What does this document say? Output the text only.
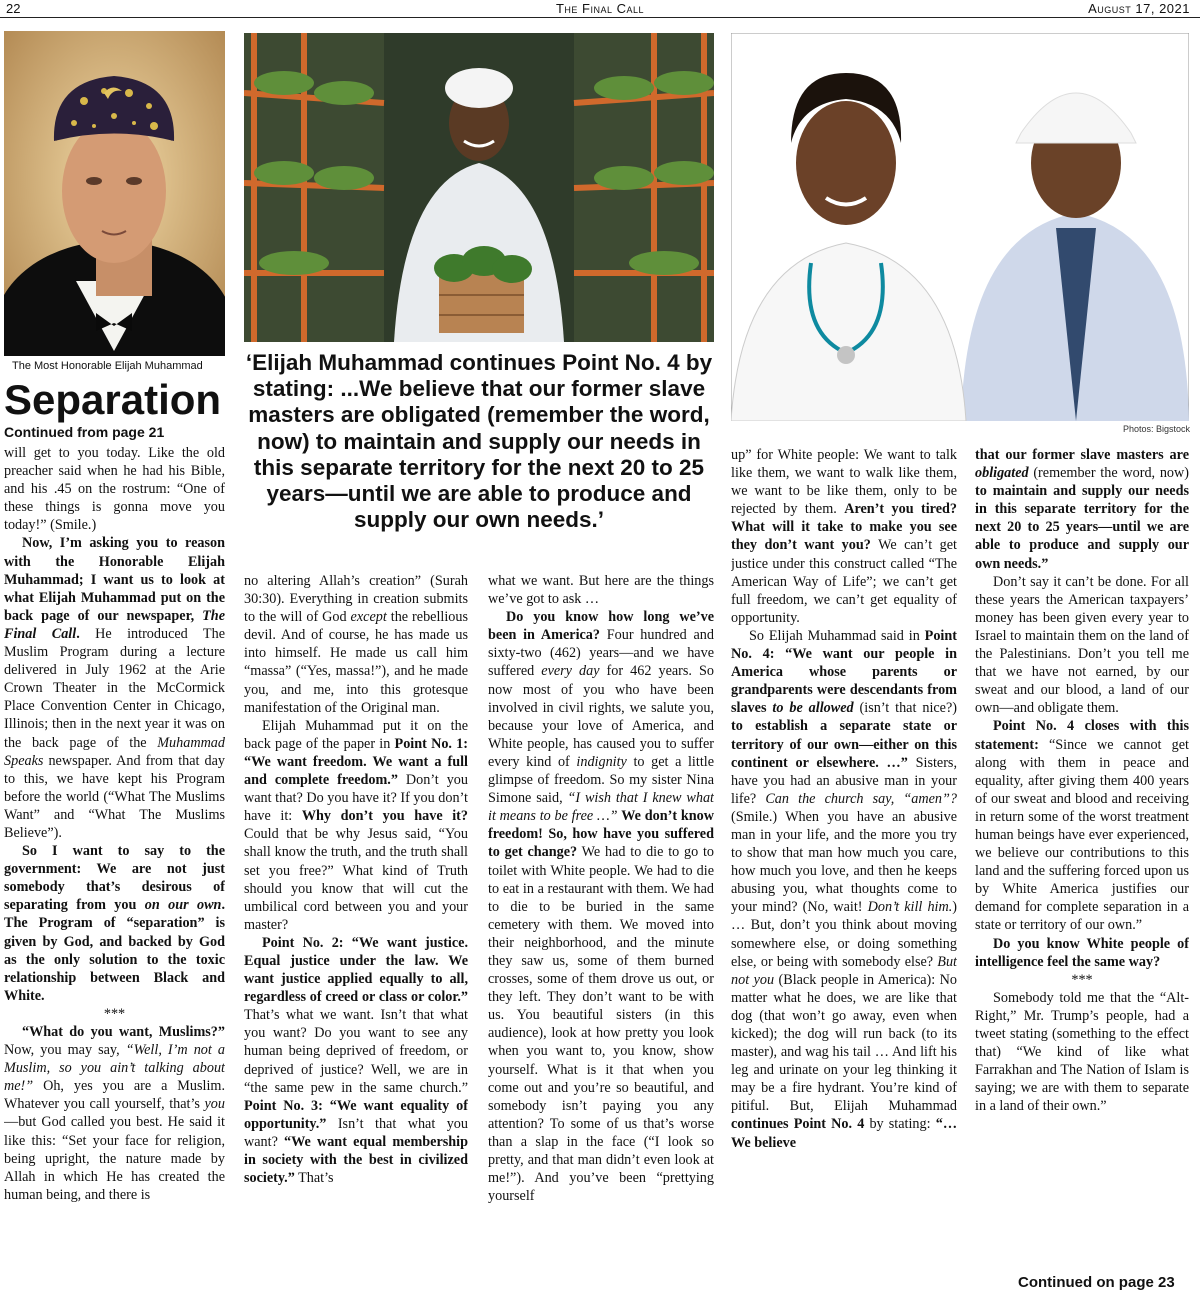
22	The Final Call	August 17, 2021
The Most Honorable Elijah Muhammad
Photos: Bigstock
Separation
Continued from page 21
‘Elijah Muhammad continues Point No. 4 by stating: ...We believe that our former slave masters are obligated (remember the word, now) to maintain and supply our needs in this separate territory for the next 20 to 25 years—until we are able to produce and supply our own needs.’

will get to you today. Like the old preacher said when he had his Bible, and his .45 on the rostrum: “One of these things is gonna move you today!” (Smile.)

Now, I’m asking you to reason with the Honorable Elijah Muhammad; I want us to look at what Elijah Muhammad put on the back page of our newspaper, The Final Call. He introduced The Muslim Program during a lecture delivered in July 1962 at the Arie Crown Theater in the McCormick Place Convention Center in Chicago, Illinois; then in the next year it was on the back page of the Muhammad Speaks newspaper. And from that day to this, we have kept his Program before the world (“What The Muslims Want” and “What The Muslims Believe”).

So I want to say to the government: We are not just somebody that’s desirous of separating from you on our own. The Program of “separation” is given by God, and backed by God as the only solution to the toxic relationship between Black and White.

***

“What do you want, Muslims?” Now, you may say, “Well, I’m not a Muslim, so you ain’t talking about me!” Oh, yes you are a Muslim. Whatever you call yourself, that’s you—but God called you best. He said it like this: “Set your face for religion, being upright, the nature made by Allah in which He has created the human being, and there is

no altering Allah’s creation” (Surah 30:30). Everything in creation submits to the will of God except the rebellious devil. And of course, he has made us into himself. He made us call him “massa” (“Yes, massa!”), and he made you, and me, into this grotesque manifestation of the Original man.

Elijah Muhammad put it on the back page of the paper in Point No. 1: “We want freedom. We want a full and complete freedom.” Don’t you want that? Do you have it? If you don’t have it: Why don’t you have it? Could that be why Jesus said, “You shall know the truth, and the truth shall set you free?” What kind of Truth should you know that will cut the umbilical cord between you and your master?

Point No. 2: “We want justice. Equal justice under the law. We want justice applied equally to all, regardless of creed or class or color.” That’s what we want. Isn’t that what you want? Do you want to see any human being deprived of freedom, or deprived of justice? Well, we are in “the same pew in the same church.” Point No. 3: “We want equality of opportunity.” Isn’t that what you want? “We want equal membership in society with the best in civilized society.” That’s

what we want. But here are the things we’ve got to ask …

Do you know how long we’ve been in America? Four hundred and sixty-two (462) years—and we have suffered every day for 462 years. So now most of you who have been involved in civil rights, we salute you, because your love of America, and White people, has caused you to suffer every kind of indignity to get a little glimpse of freedom. So my sister Nina Simone said, “I wish that I knew what it means to be free …” We don’t know freedom! So, how have you suffered to get change? We had to die to go to toilet with White people. We had to die to eat in a restaurant with them. We had to die to be buried in the same cemetery with them. We moved into their neighborhood, and the minute they saw us, some of them burned crosses, some of them drove us out, or they left. They don’t want to be with us. You beautiful sisters (in this audience), look at how pretty you look when you want to, you know, show yourself. What is it that when you come out and you’re so beautiful, and somebody isn’t paying you any attention? To some of us that’s worse than a slap in the face (“I look so pretty, and that man didn’t even look at me!”). And you’ve been “prettying yourself

up” for White people: We want to talk like them, we want to walk like them, we want to be like them, only to be rejected by them. Aren’t you tired? What will it take to make you see they don’t want you? We can’t get justice under this construct called “The American Way of Life”; we can’t get full freedom, we can’t get equality of opportunity.

So Elijah Muhammad said in Point No. 4: “We want our people in America whose parents or grandparents were descendants from slaves to be allowed (isn’t that nice?) to establish a separate state or territory of our own—either on this continent or elsewhere. …” Sisters, have you had an abusive man in your life? Can the church say, “amen”? (Smile.) When you have an abusive man in your life, and the more you try to show that man how much you care, how much you love, and then he keeps abusing you, what thoughts come to your mind? (No, wait! Don’t kill him.) … But, don’t you think about moving somewhere else, or doing something else, or being with somebody else? But not you (Black people in America): No matter what he does, we are like that dog (that won’t go away, even when kicked); the dog will run back (to its master), and wag his tail … And lift his leg and urinate on your leg thinking it may be a fire hydrant. You’re kind of pitiful. But, Elijah Muhammad continues Point No. 4 by stating: “…We believe

that our former slave masters are obligated (remember the word, now) to maintain and supply our needs in this separate territory for the next 20 to 25 years—until we are able to produce and supply our own needs.”

Don’t say it can’t be done. For all these years the American taxpayers’ money has been given every year to Israel to maintain them on the land of the Palestinians. Don’t you tell me that we have not earned, by our sweat and our blood, a land of our own—and obligate them.

Point No. 4 closes with this statement: “Since we cannot get along with them in peace and equality, after giving them 400 years of our sweat and blood and receiving in return some of the worst treatment human beings have ever experienced, we believe our contributions to this land and the suffering forced upon us by White America justifies our demand for complete separation in a state or territory of our own.”

Do you know White people of intelligence feel the same way?

***

Somebody told me that the “Alt-Right,” Mr. Trump’s people, had a tweet stating (something to the effect that) “We kind of like what Farrakhan and The Nation of Islam is saying; we are with them to separate in a land of their own.”

Continued on page 23
